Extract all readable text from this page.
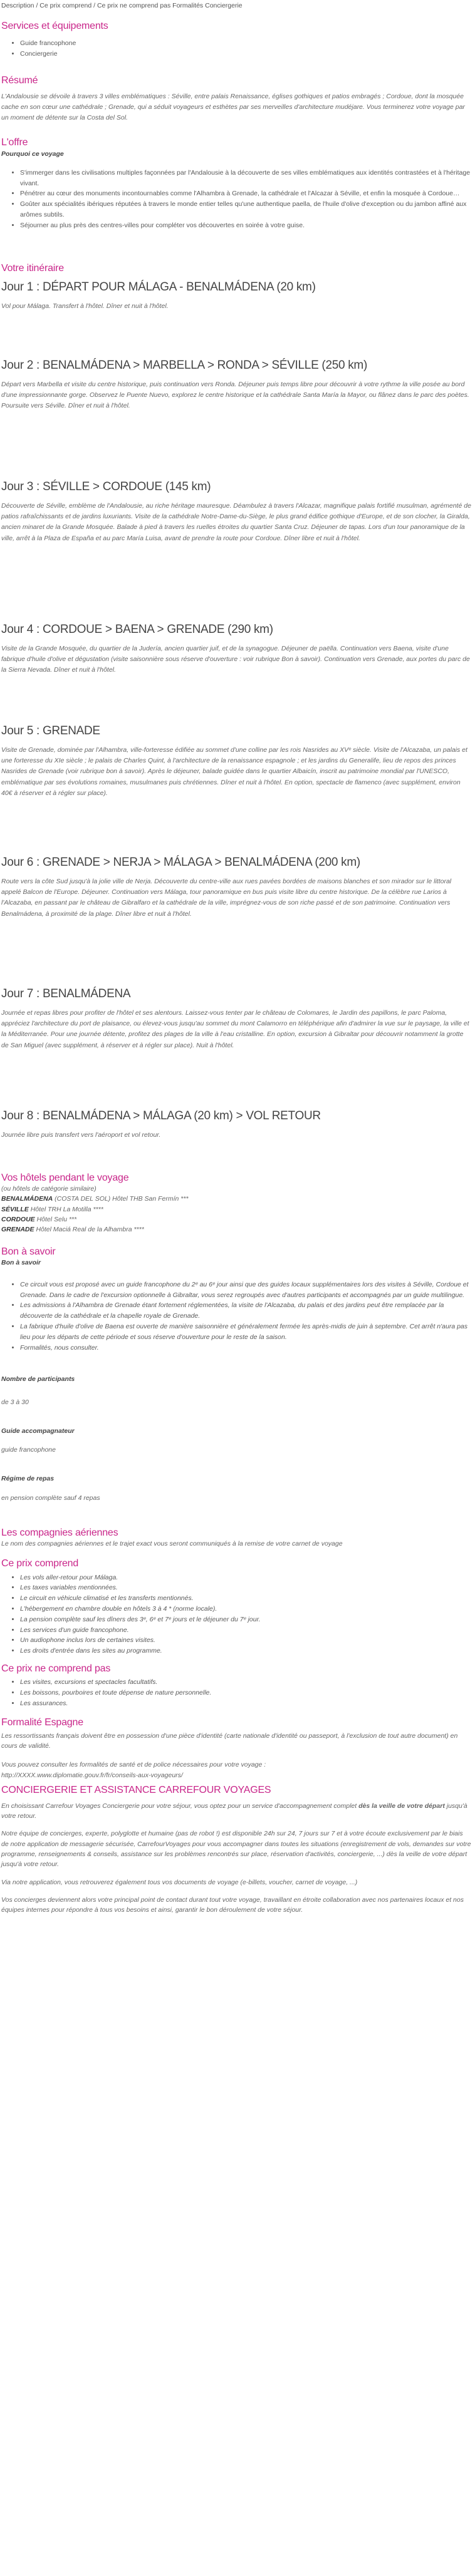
Description / Ce prix comprend / Ce prix ne comprend pas Formalités Conciergerie
Services et équipements
• Guide francophone
• Conciergerie
Résumé

L'Andalousie se dévoile à travers 3 villes emblématiques : Séville, entre palais Renaissance, églises gothiques et patios embragés ; Cordoue, dont la mosquée cache en son cœur une cathédrale ; Grenade, qui a séduit voyageurs et esthètes par ses merveilles d'architecture mudéjare. Vous terminerez votre voyage par un moment de détente sur la Costa del Sol.

L'offre
Pourquoi ce voyage
• S'immerger dans les civilisations multiples façonnées par l'Andalousie à la découverte de ses villes emblématiques aux identités contrastées et à l'héritage vivant.
• Pénétrer au cœur des monuments incontournables comme l'Alhambra à Grenade, la cathédrale et l'Alcazar à Séville, et enfin la mosquée à Cordoue…
• Goûter aux spécialités ibériques réputées à travers le monde entier telles qu'une authentique paella, de l'huile d'olive d'exception ou du jambon affiné aux arômes subtils.
• Séjourner au plus près des centres-villes pour compléter vos découvertes en soirée à votre guise.
Votre itinéraire
Jour 1 : DÉPART POUR MÁLAGA - BENALMÁDENA (20 km)

Vol pour Málaga. Transfert à l'hôtel. Dîner et nuit à l'hôtel.

Jour 2 : BENALMÁDENA > MARBELLA > RONDA > SÉVILLE (250 km)

Départ vers Marbella et visite du centre historique, puis continuation vers Ronda. Déjeuner puis temps libre pour découvrir à votre rythme la ville posée au bord d'une impressionnante gorge. Observez le Puente Nuevo, explorez le centre historique et la cathédrale Santa María la Mayor, ou flânez dans le parc des poètes. Poursuite vers Séville. Dîner et nuit à l'hôtel.

Jour 3 : SÉVILLE > CORDOUE (145 km)

Découverte de Séville, emblème de l'Andalousie, au riche héritage mauresque. Déambulez à travers l'Alcazar, magnifique palais fortifié musulman, agrémenté de patios rafraîchissants et de jardins luxuriants. Visite de la cathédrale Notre-Dame-du-Siège, le plus grand édifice gothique d'Europe, et de son clocher, la Giralda, ancien minaret de la Grande Mosquée. Balade à pied à travers les ruelles étroites du quartier Santa Cruz. Déjeuner de tapas. Lors d'un tour panoramique de la ville, arrêt à la Plaza de España et au parc María Luisa, avant de prendre la route pour Cordoue. Dîner libre et nuit à l'hôtel.

Jour 4 : CORDOUE > BAENA > GRENADE (290 km)

Visite de la Grande Mosquée, du quartier de la Judería, ancien quartier juif, et de la synagogue. Déjeuner de paëlla. Continuation vers Baena, visite d'une fabrique d'huile d'olive et dégustation (visite saisonnière sous réserve d'ouverture : voir rubrique Bon à savoir). Continuation vers Grenade, aux portes du parc de la Sierra Nevada. Dîner et nuit à l'hôtel.

Jour 5 : GRENADE

Visite de Grenade, dominée par l'Alhambra, ville-forteresse édifiée au sommet d'une colline par les rois Nasrides au XVᵉ siècle. Visite de l'Alcazaba, un palais et une forteresse du XIe siècle ; le palais de Charles Quint, à l'architecture de la renaissance espagnole ; et les jardins du Generalife, lieu de repos des princes Nasrides de Grenade (voir rubrique bon à savoir). Après le déjeuner, balade guidée dans le quartier Albaicín, inscrit au patrimoine mondial par l'UNESCO, emblématique par ses évolutions romaines, musulmanes puis chrétiennes. Dîner et nuit à l'hôtel. En option, spectacle de flamenco (avec supplément, environ 40€ à réserver et à régler sur place).

Jour 6 : GRENADE > NERJA > MÁLAGA > BENALMÁDENA (200 km)

Route vers la côte Sud jusqu'à la jolie ville de Nerja. Découverte du centre-ville aux rues pavées bordées de maisons blanches et son mirador sur le littoral appelé Balcon de l'Europe. Déjeuner. Continuation vers Málaga, tour panoramique en bus puis visite libre du centre historique. De la célèbre rue Larios à l'Alcazaba, en passant par le château de Gibralfaro et la cathédrale de la ville, imprégnez-vous de son riche passé et de son patrimoine. Continuation vers Benalmádena, à proximité de la plage. Dîner libre et nuit à l'hôtel.

Jour 7 : BENALMÁDENA

Journée et repas libres pour profiter de l'hôtel et ses alentours. Laissez-vous tenter par le château de Colomares, le Jardin des papillons, le parc Paloma, appréciez l'architecture du port de plaisance, ou élevez-vous jusqu'au sommet du mont Calamorro en téléphérique afin d'admirer la vue sur le paysage, la ville et la Méditerranée. Pour une journée détente, profitez des plages de la ville à l'eau cristalline. En option, excursion à Gibraltar pour découvrir notamment la grotte de San Miguel (avec supplément, à réserver et à régler sur place). Nuit à l'hôtel.

Jour 8 : BENALMÁDENA > MÁLAGA (20 km) > VOL RETOUR

Journée libre puis transfert vers l'aéroport et vol retour.

Vos hôtels pendant le voyage

(ou hôtels de catégorie similaire)

BENALMÁDENA (COSTA DEL SOL) Hôtel THB San Fermín ***

SÉVILLE Hôtel TRH La Motilla ****

CORDOUE Hôtel Selu ***

GRENADE Hôtel Maciá Real de la Alhambra ****

Bon à savoir
Bon à savoir
• Ce circuit vous est proposé avec un guide francophone du 2ᵉ au 6ᵉ jour ainsi que des guides locaux supplémentaires lors des visites à Séville, Cordoue et Grenade. Dans le cadre de l'excursion optionnelle à Gibraltar, vous serez regroupés avec d'autres participants et accompagnés par un guide multilingue.
• Les admissions à l'Alhambra de Grenade étant fortement réglementées, la visite de l'Alcazaba, du palais et des jardins peut être remplacée par la découverte de la cathédrale et la chapelle royale de Grenade.
• La fabrique d'huile d'olive de Baena est ouverte de manière saisonnière et généralement fermée les après-midis de juin à septembre. Cet arrêt n'aura pas lieu pour les départs de cette période et sous réserve d'ouverture pour le reste de la saison.
• Formalités, nous consulter.
Nombre de participants

de 3 à 30

Guide accompagnateur

guide francophone

Régime de repas

en pension complète sauf 4 repas

Les compagnies aériennes

Le nom des compagnies aériennes et le trajet exact vous seront communiqués à la remise de votre carnet de voyage

Ce prix comprend
• Les vols aller-retour pour Málaga.
• Les taxes variables mentionnées.
• Le circuit en véhicule climatisé et les transferts mentionnés.
• L'hébergement en chambre double en hôtels 3 à 4 * (norme locale).
• La pension complète sauf les dîners des 3ᵉ, 6ᵉ et 7ᵉ jours et le déjeuner du 7ᵉ jour.
• Les services d'un guide francophone.
• Un audiophone inclus lors de certaines visites.
• Les droits d'entrée dans les sites au programme.
Ce prix ne comprend pas
• Les visites, excursions et spectacles facultatifs.
• Les boissons, pourboires et toute dépense de nature personnelle.
• Les assurances.
Formalité Espagne

Les ressortissants français doivent être en possession d'une pièce d'identité (carte nationale d'identité ou passeport, à l'exclusion de tout autre document) en cours de validité.

Vous pouvez consulter les formalités de santé et de police nécessaires pour votre voyage :

http://XXXX.www.diplomatie.gouv.fr/fr/conseils-aux-voyageurs/

CONCIERGERIE ET ASSISTANCE CARREFOUR VOYAGES

En choisissant Carrefour Voyages Conciergerie pour votre séjour, vous optez pour un service d'accompagnement complet dès la veille de votre départ jusqu'à votre retour.

Notre équipe de concierges, experte, polyglotte et humaine (pas de robot !) est disponible 24h sur 24, 7 jours sur 7 et à votre écoute exclusivement par le biais de notre application de messagerie sécurisée, CarrefourVoyages pour vous accompagner dans toutes les situations (enregistrement de vols, demandes sur votre programme, renseignements & conseils, assistance sur les problèmes rencontrés sur place, réservation d'activités, conciergerie, ...) dès la veille de votre départ jusqu'à votre retour.

Via notre application, vous retrouverez également tous vos documents de voyage (e-billets, voucher, carnet de voyage, ...)

Vos concierges deviennent alors votre principal point de contact durant tout votre voyage, travaillant en étroite collaboration avec nos partenaires locaux et nos équipes internes pour répondre à tous vos besoins et ainsi, garantir le bon déroulement de votre séjour.
